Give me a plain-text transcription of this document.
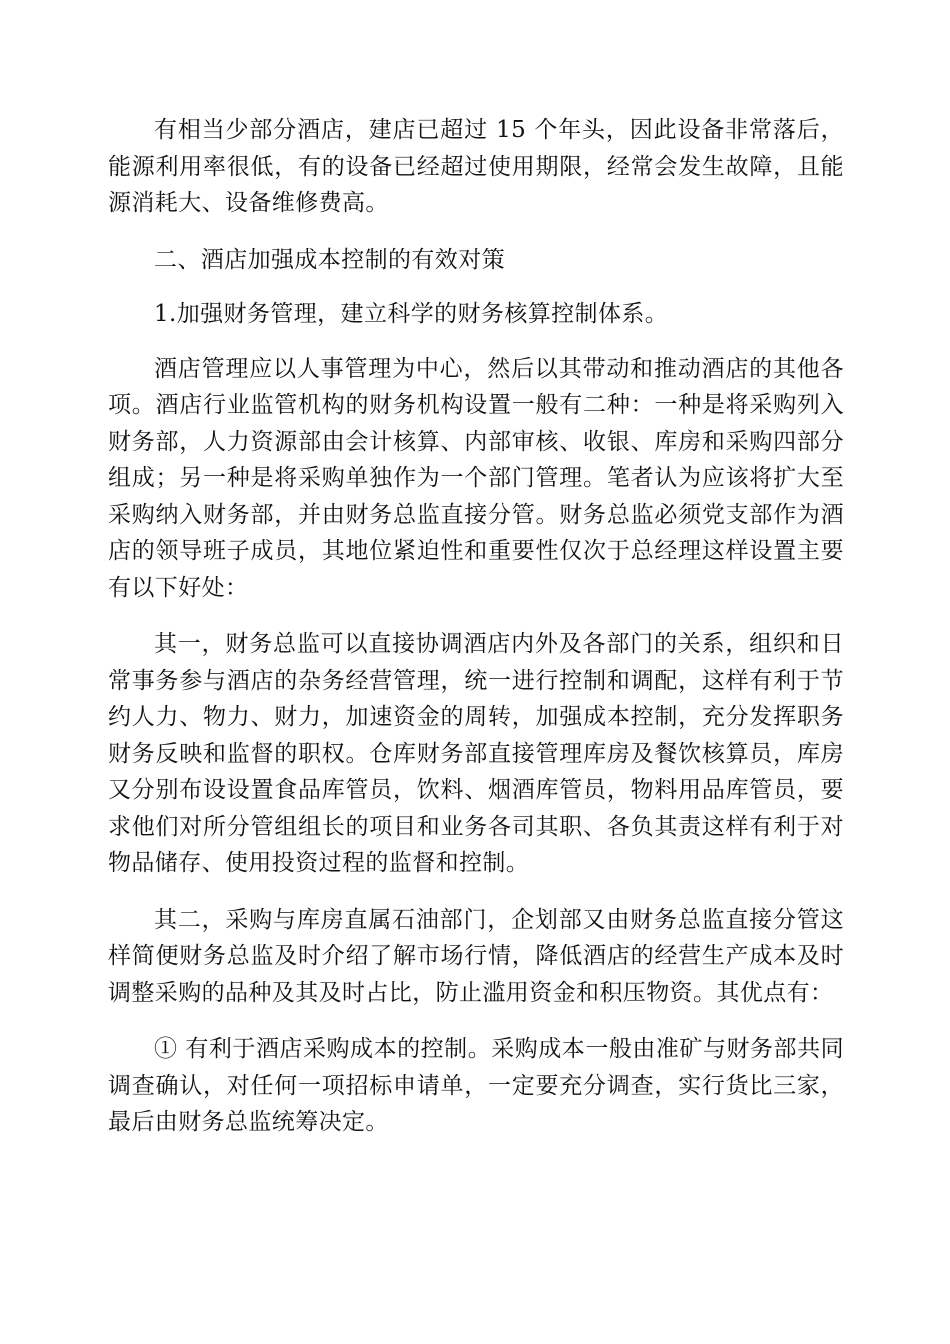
有相当少部分酒店，建店已超过 15 个年头，因此设备非常落后，能源利用率很低，有的设备已经超过使用期限，经常会发生故障，且能源消耗大、设备维修费高。

二、酒店加强成本控制的有效对策

1.加强财务管理，建立科学的财务核算控制体系。

酒店管理应以人事管理为中心，然后以其带动和推动酒店的其他各项。酒店行业监管机构的财务机构设置一般有二种：一种是将采购列入财务部，人力资源部由会计核算、内部审核、收银、库房和采购四部分组成；另一种是将采购单独作为一个部门管理。笔者认为应该将扩大至采购纳入财务部，并由财务总监直接分管。财务总监必须党支部作为酒店的领导班子成员，其地位紧迫性和重要性仅次于总经理这样设置主要有以下好处：

其一，财务总监可以直接协调酒店内外及各部门的关系，组织和日常事务参与酒店的杂务经营管理，统一进行控制和调配，这样有利于节约人力、物力、财力，加速资金的周转，加强成本控制，充分发挥职务财务反映和监督的职权。仓库财务部直接管理库房及餐饮核算员，库房又分别布设设置食品库管员，饮料、烟酒库管员，物料用品库管员，要求他们对所分管组组长的项目和业务各司其职、各负其责这样有利于对物品储存、使用投资过程的监督和控制。

其二，采购与库房直属石油部门，企划部又由财务总监直接分管这样简便财务总监及时介绍了解市场行情，降低酒店的经营生产成本及时调整采购的品种及其及时占比，防止滥用资金和积压物资。其优点有：

① 有利于酒店采购成本的控制。采购成本一般由准矿与财务部共同调查确认，对任何一项招标申请单，一定要充分调查，实行货比三家，最后由财务总监统筹决定。
